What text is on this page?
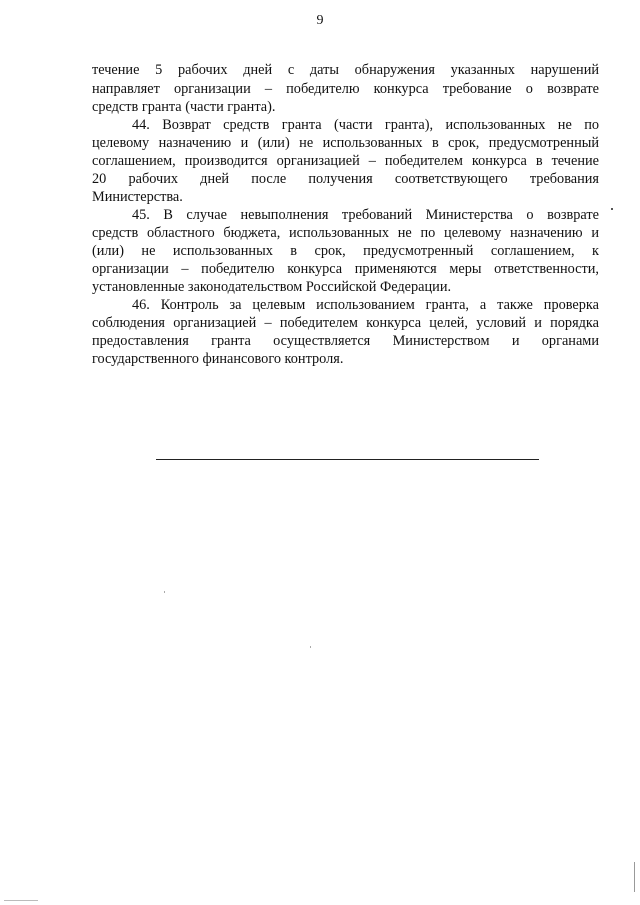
9
течение 5 рабочих дней с даты обнаружения указанных нарушений
направляет организации – победителю конкурса требование о возврате
средств гранта (части гранта).
44. Возврат средств гранта (части гранта), использованных не по
целевому назначению и (или) не использованных в срок, предусмотренный
соглашением, производится организацией – победителем конкурса в течение
20 рабочих дней после получения соответствующего требования
Министерства.
45. В случае невыполнения требований Министерства о возврате
средств областного бюджета, использованных не по целевому назначению и
(или) не использованных в срок, предусмотренный соглашением, к
организации – победителю конкурса применяются меры ответственности,
установленные законодательством Российской Федерации.
46. Контроль за целевым использованием гранта, а также проверка
соблюдения организацией – победителем конкурса целей, условий и порядка
предоставления гранта осуществляется Министерством и органами
государственного финансового контроля.
